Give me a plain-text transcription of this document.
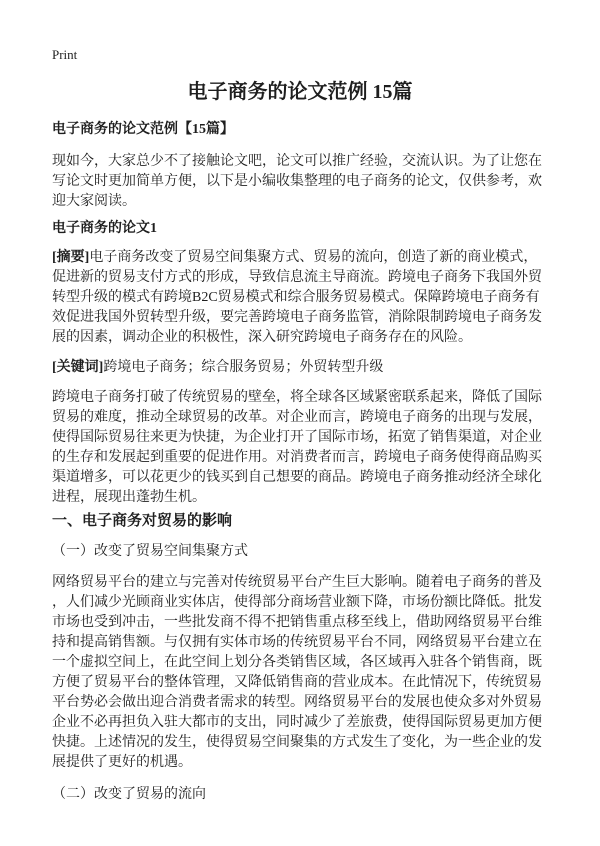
Print
电子商务的论文范例 15篇
电子商务的论文范例【15篇】

现如今，大家总少不了接触论文吧，论文可以推广经验，交流认识。为了让您在写论文时更加简单方便，以下是小编收集整理的电子商务的论文，仅供参考，欢迎大家阅读。

电子商务的论文1

[摘要]电子商务改变了贸易空间集聚方式、贸易的流向，创造了新的商业模式，促进新的贸易支付方式的形成，导致信息流主导商流。跨境电子商务下我国外贸转型升级的模式有跨境B2C贸易模式和综合服务贸易模式。保障跨境电子商务有效促进我国外贸转型升级，要完善跨境电子商务监管，消除限制跨境电子商务发展的因素，调动企业的积极性，深入研究跨境电子商务存在的风险。

[关键词]跨境电子商务；综合服务贸易；外贸转型升级

跨境电子商务打破了传统贸易的壁垒，将全球各区域紧密联系起来，降低了国际贸易的难度，推动全球贸易的改革。对企业而言，跨境电子商务的出现与发展，使得国际贸易往来更为快捷，为企业打开了国际市场，拓宽了销售渠道，对企业的生存和发展起到重要的促进作用。对消费者而言，跨境电子商务使得商品购买渠道增多，可以花更少的钱买到自己想要的商品。跨境电子商务推动经济全球化进程，展现出蓬勃生机。

一、电子商务对贸易的影响
（一）改变了贸易空间集聚方式

网络贸易平台的建立与完善对传统贸易平台产生巨大影响。随着电子商务的普及，人们减少光顾商业实体店，使得部分商场营业额下降，市场份额比降低。批发市场也受到冲击，一些批发商不得不把销售重点移至线上，借助网络贸易平台维持和提高销售额。与仅拥有实体市场的传统贸易平台不同，网络贸易平台建立在一个虚拟空间上，在此空间上划分各类销售区域，各区域再入驻各个销售商，既方便了贸易平台的整体管理，又降低销售商的营业成本。在此情况下，传统贸易平台势必会做出迎合消费者需求的转型。网络贸易平台的发展也使众多对外贸易企业不必再担负入驻大都市的支出，同时减少了差旅费，使得国际贸易更加方便快捷。上述情况的发生，使得贸易空间聚集的方式发生了变化，为一些企业的发展提供了更好的机遇。

（二）改变了贸易的流向
